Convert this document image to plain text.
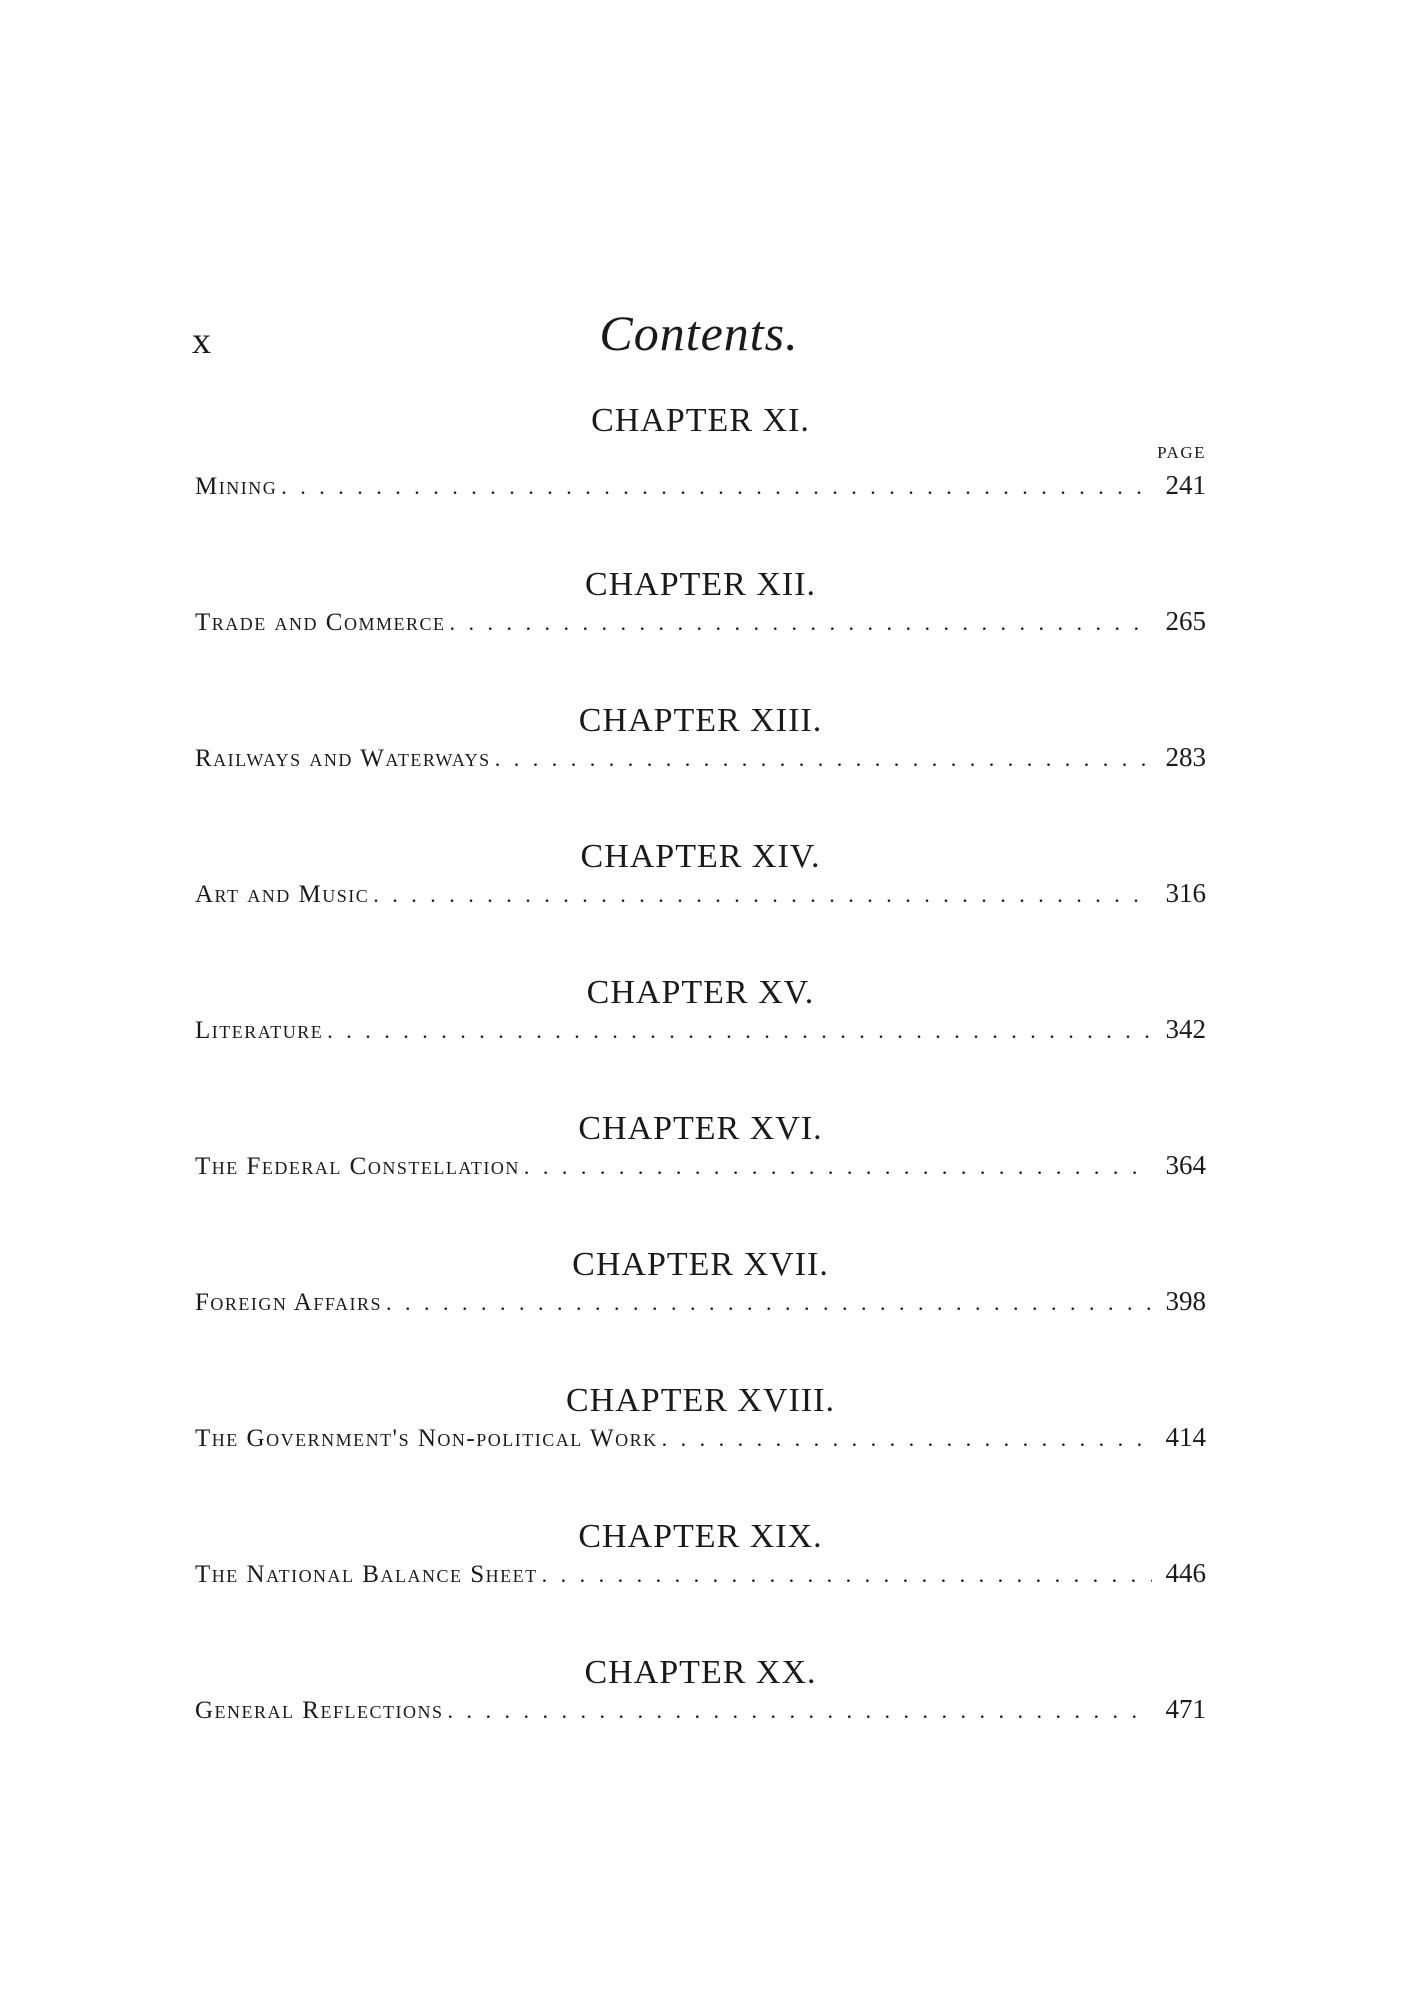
x	Contents.
CHAPTER XI.
PAGE
Mining . . .	241
CHAPTER XII.
Trade and Commerce . . .	265
CHAPTER XIII.
Railways and Waterways . . .	283
CHAPTER XIV.
Art and Music . . .	316
CHAPTER XV.
Literature . . .	342
CHAPTER XVI.
The Federal Constellation . . .	364
CHAPTER XVII.
Foreign Affairs . . .	398
CHAPTER XVIII.
The Government's Non-political Work . . .	414
CHAPTER XIX.
The National Balance Sheet . . .	446
CHAPTER XX.
General Reflections . . .	471
